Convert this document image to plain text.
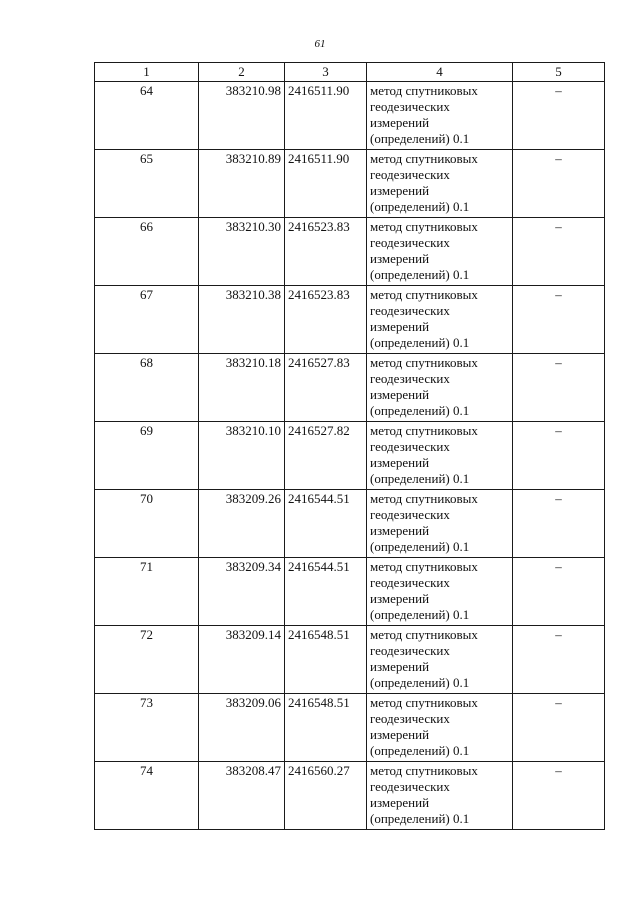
61
1	2	3	4	5
64	383210.98	2416511.90	метод спутниковых геодезических измерений (определений) 0.1	–
65	383210.89	2416511.90	метод спутниковых геодезических измерений (определений) 0.1	–
66	383210.30	2416523.83	метод спутниковых геодезических измерений (определений) 0.1	–
67	383210.38	2416523.83	метод спутниковых геодезических измерений (определений) 0.1	–
68	383210.18	2416527.83	метод спутниковых геодезических измерений (определений) 0.1	–
69	383210.10	2416527.82	метод спутниковых геодезических измерений (определений) 0.1	–
70	383209.26	2416544.51	метод спутниковых геодезических измерений (определений) 0.1	–
71	383209.34	2416544.51	метод спутниковых геодезических измерений (определений) 0.1	–
72	383209.14	2416548.51	метод спутниковых геодезических измерений (определений) 0.1	–
73	383209.06	2416548.51	метод спутниковых геодезических измерений (определений) 0.1	–
74	383208.47	2416560.27	метод спутниковых геодезических измерений (определений) 0.1	–
